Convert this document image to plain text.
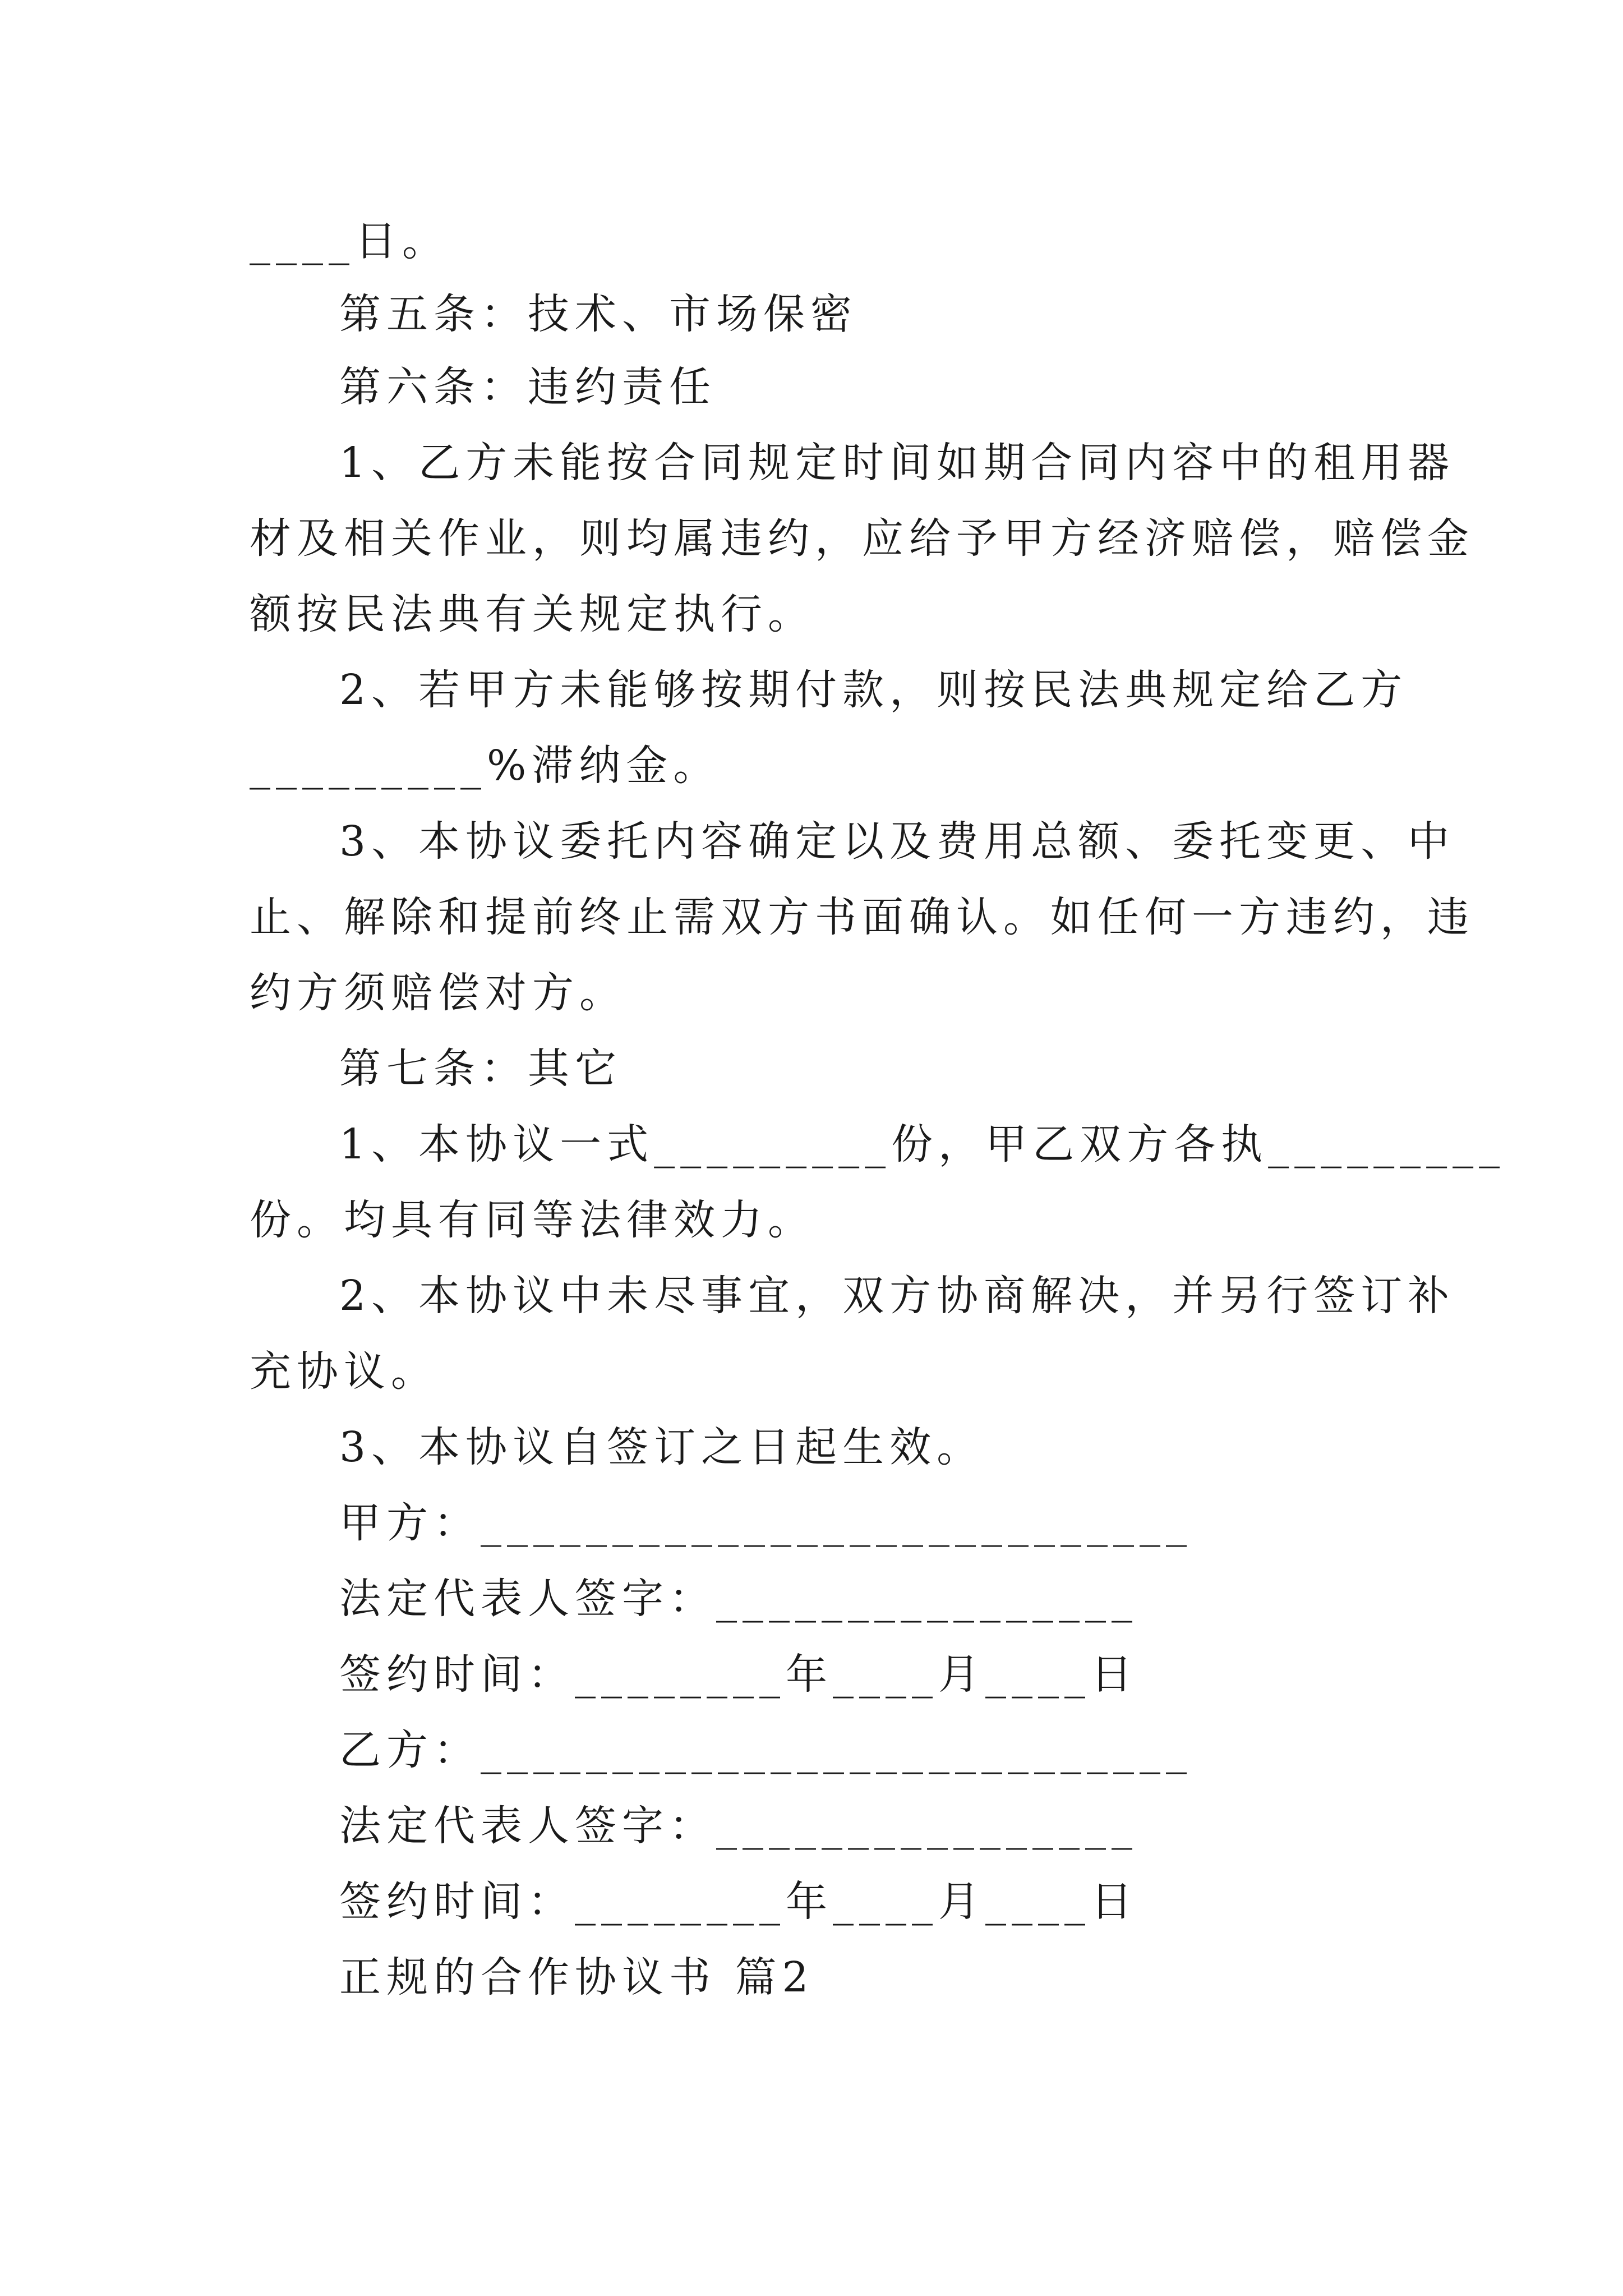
____日。
第五条：技术、市场保密
第六条：违约责任
1、乙方未能按合同规定时间如期合同内容中的租用器
材及相关作业，则均属违约，应给予甲方经济赔偿，赔偿金
额按民法典有关规定执行。
2、若甲方未能够按期付款，则按民法典规定给乙方
_________%滞纳金。
3、本协议委托内容确定以及费用总额、委托变更、中
止、解除和提前终止需双方书面确认。如任何一方违约，违
约方须赔偿对方。
第七条：其它
1、本协议一式_________份，甲乙双方各执_________
份。均具有同等法律效力。
2、本协议中未尽事宜，双方协商解决，并另行签订补
充协议。
3、本协议自签订之日起生效。
甲方：___________________________
法定代表人签字：________________
签约时间：________年____月____日
乙方：___________________________
法定代表人签字：________________
签约时间：________年____月____日
正规的合作协议书 篇2
